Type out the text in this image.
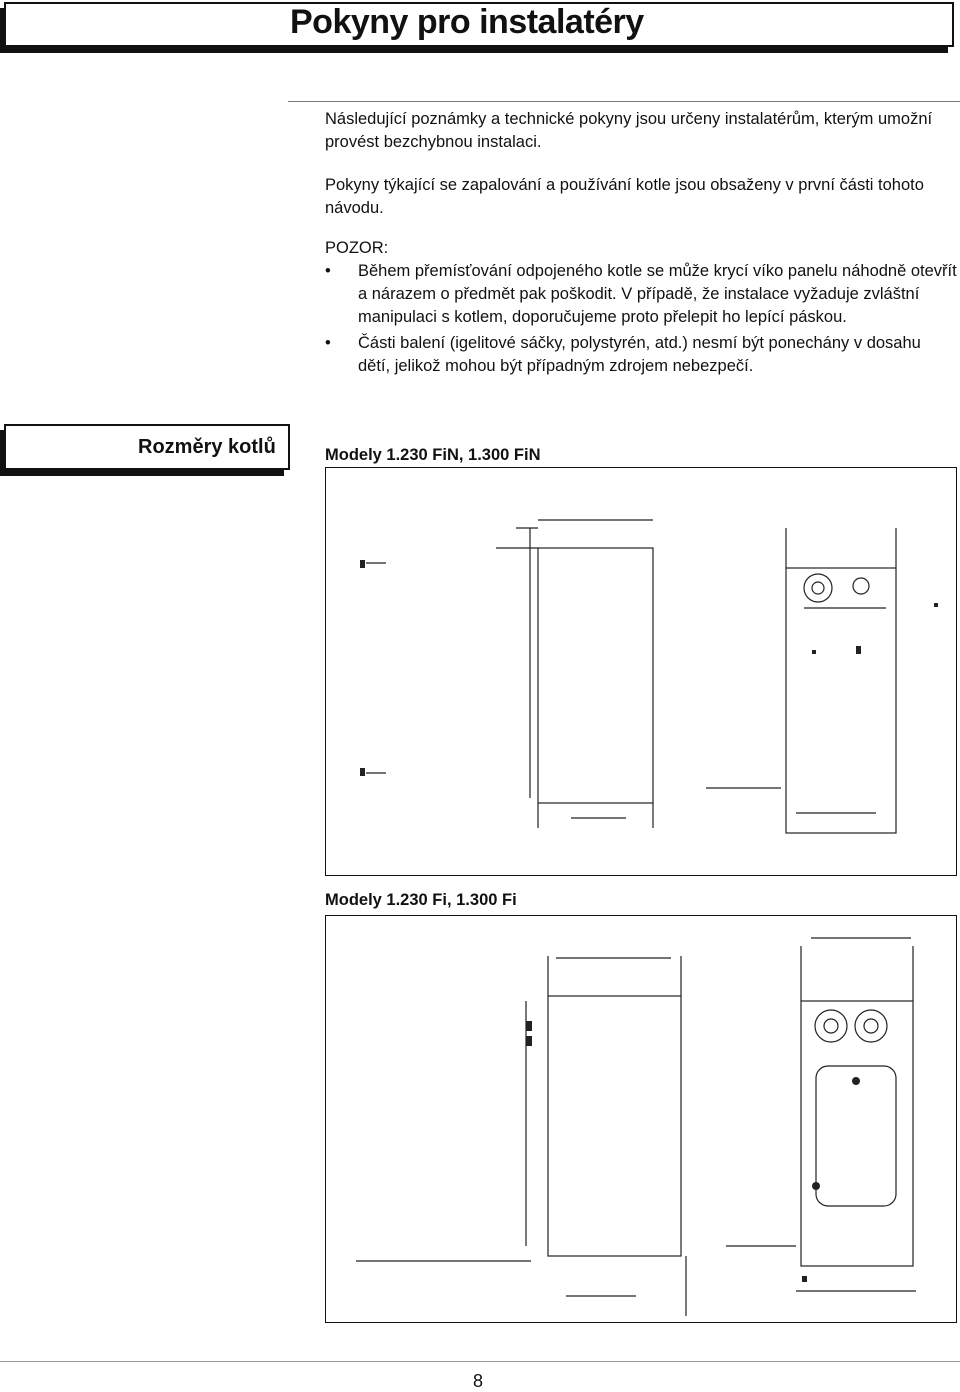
Pokyny pro instalatéry
Následující poznámky a technické pokyny jsou určeny instalatérům, kterým umožní provést bezchybnou instalaci.
Pokyny týkající se zapalování a používání kotle jsou obsaženy v první části tohoto návodu.
POZOR:
• Během přemísťování odpojeného kotle se může krycí víko panelu náhodně otevřít a nárazem o předmět pak poškodit. V případě, že instalace vyžaduje zvláštní manipulaci s kotlem, doporučujeme proto přelepit ho lepící páskou.
• Části balení (igelitové sáčky, polystyrén, atd.) nesmí být ponechány v dosahu dětí, jelikož mohou být případným zdrojem nebezpečí.
Rozměry kotlů	Modely 1.230 FiN, 1.300 FiN
Modely 1.230 Fi, 1.300 Fi
8
